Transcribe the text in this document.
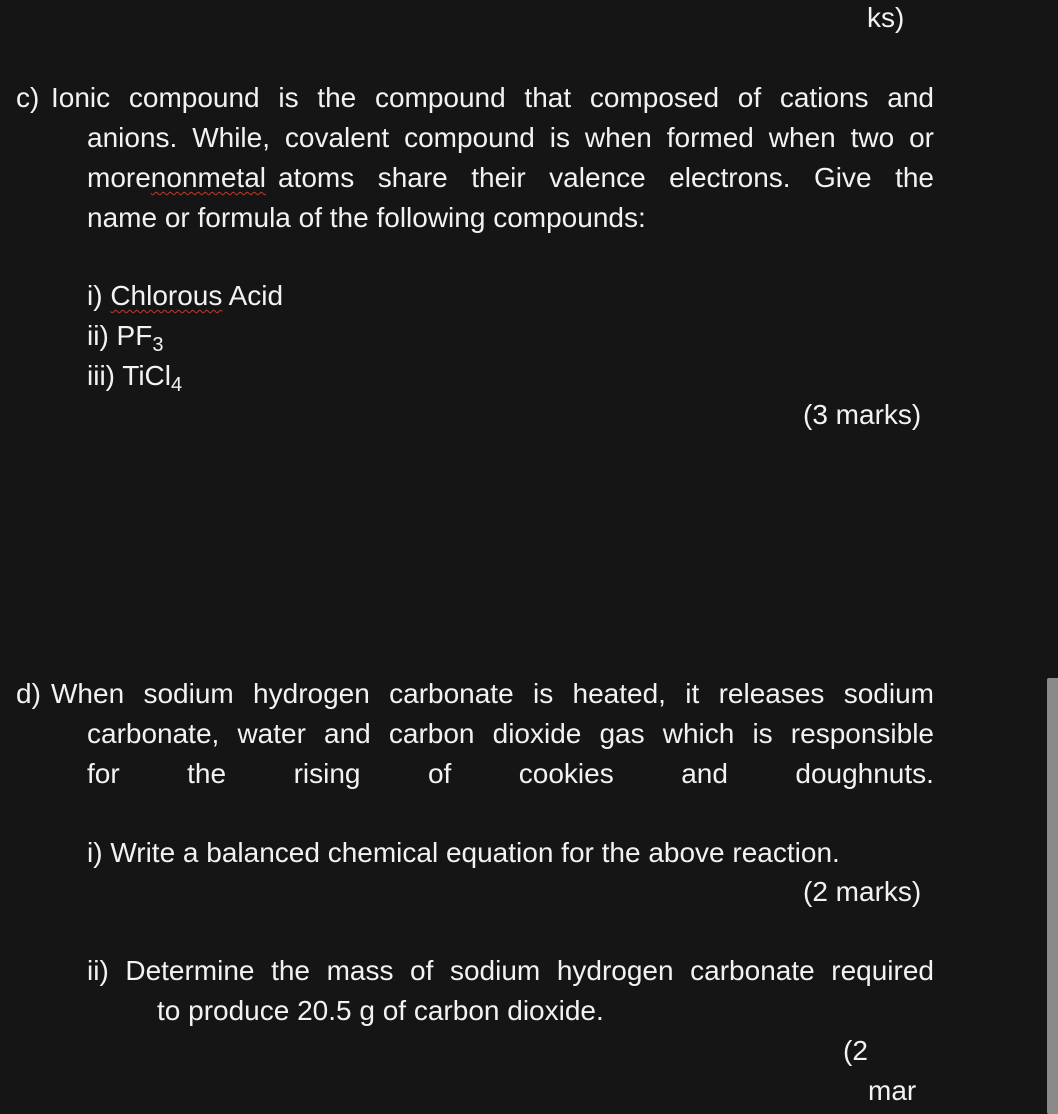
ks)
c) Ionic compound is the compound that composed of cations and
anions. While, covalent compound is when formed when two or
more nonmetal atoms share their valence electrons. Give the
name or formula of the following compounds:
i) Chlorous Acid
ii) $PF_3$
iii) TiCl$_4$
(3 marks)
d) When sodium hydrogen carbonate is heated, it releases sodium
carbonate, water and carbon dioxide gas which is responsible
for the rising of cookies and doughnuts.
i) Write a balanced chemical equation for the above reaction.
(2 marks)
ii) Determine the mass of sodium hydrogen carbonate required
to produce 20.5 g of carbon dioxide.
(2
mar
